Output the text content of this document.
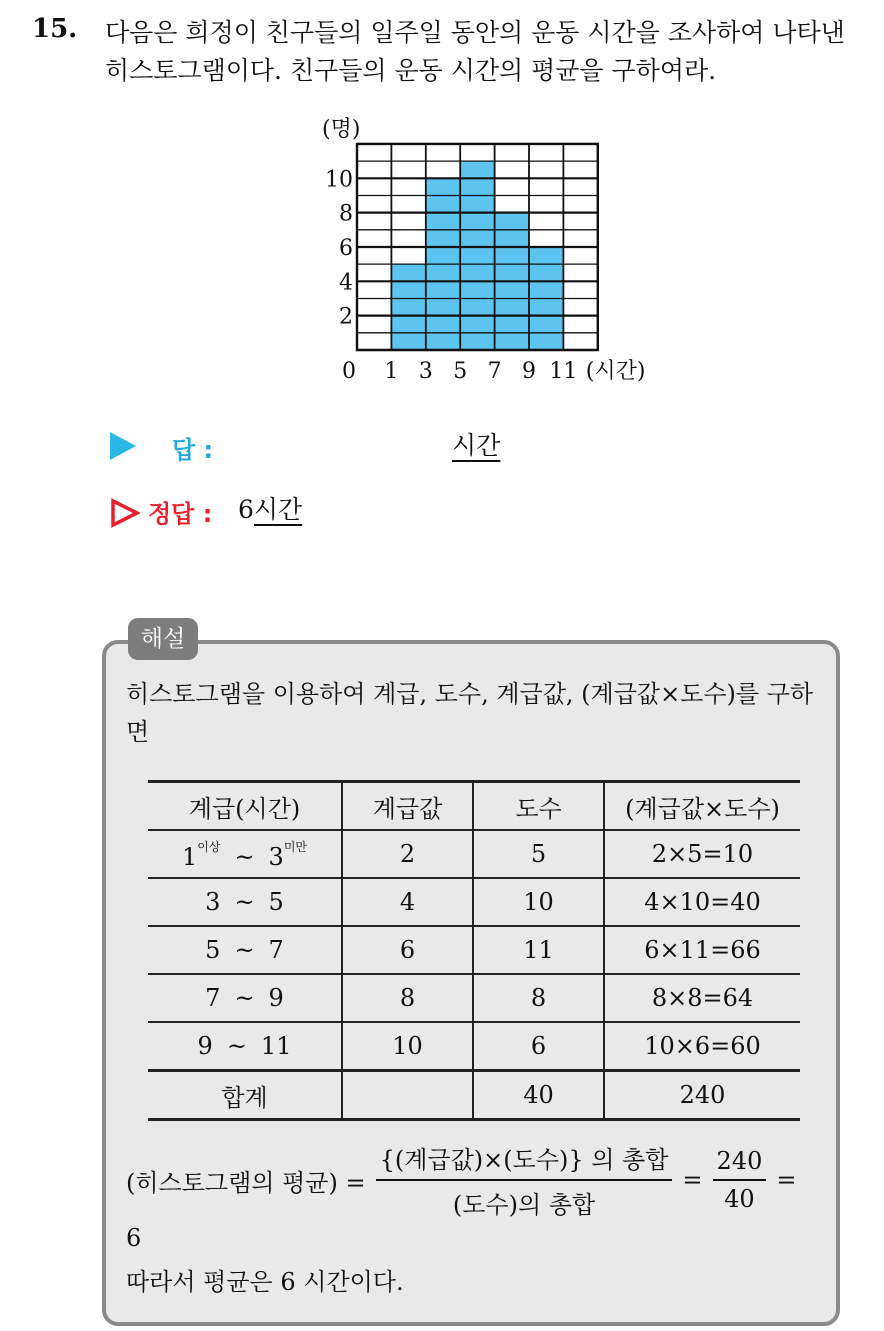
15. 다음은 희정이 친구들의 일주일 동안의 운동 시간을 조사하여 나타낸
히스토그램이다. 친구들의 운동 시간의 평균을 구하여라.
2
4
6
8
10
(명)
0 1 3 5 7 9 11 (시간)
답 :	시간
정답 : 6시간
해설
히스토그램을 이용하여 계급, 도수, 계급값, (계급값×도수)를 구하면
계급(시간)	계급값	도수	(계급값×도수)
$1^{이상}$ ~ $3^{미만}$	2	5	2×5=10
3 ~ 5	4	10	4×10=40
5 ~ 7	6	11	6×11=66
7 ~ 9	8	8	8×8=64
9 ~ 11	10	6	10×6=60
합계		40	240
(히스토그램의 평균) = $\frac{\text{\{(계급값)×(도수)\} 의 총합}}{\text{(도수)의 총합}} = \frac{240}{40}$ =
6
따라서 평균은 6 시간이다.
